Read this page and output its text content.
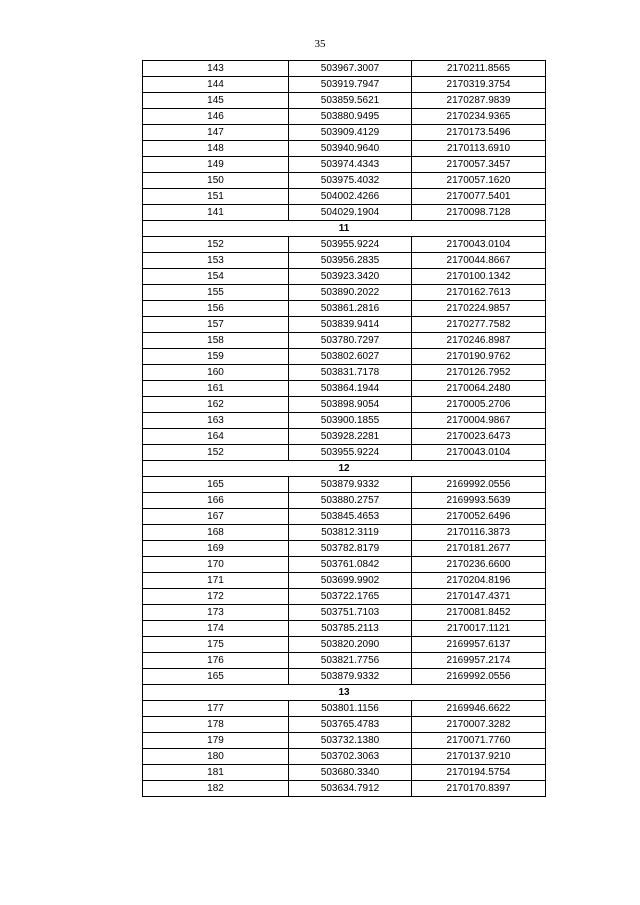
35
143	503967.3007	2170211.8565
144	503919.7947	2170319.3754
145	503859.5621	2170287.9839
146	503880.9495	2170234.9365
147	503909.4129	2170173.5496
148	503940.9640	2170113.6910
149	503974.4343	2170057.3457
150	503975.4032	2170057.1620
151	504002.4266	2170077.5401
141	504029.1904	2170098.7128
11		
152	503955.9224	2170043.0104
153	503956.2835	2170044.8667
154	503923.3420	2170100.1342
155	503890.2022	2170162.7613
156	503861.2816	2170224.9857
157	503839.9414	2170277.7582
158	503780.7297	2170246.8987
159	503802.6027	2170190.9762
160	503831.7178	2170126.7952
161	503864.1944	2170064.2480
162	503898.9054	2170005.2706
163	503900.1855	2170004.9867
164	503928.2281	2170023.6473
152	503955.9224	2170043.0104
12		
165	503879.9332	2169992.0556
166	503880.2757	2169993.5639
167	503845.4653	2170052.6496
168	503812.3119	2170116.3873
169	503782.8179	2170181.2677
170	503761.0842	2170236.6600
171	503699.9902	2170204.8196
172	503722.1765	2170147.4371
173	503751.7103	2170081.8452
174	503785.2113	2170017.1121
175	503820.2090	2169957.6137
176	503821.7756	2169957.2174
165	503879.9332	2169992.0556
13		
177	503801.1156	2169946.6622
178	503765.4783	2170007.3282
179	503732.1380	2170071.7760
180	503702.3063	2170137.9210
181	503680.3340	2170194.5754
182	503634.7912	2170170.8397
